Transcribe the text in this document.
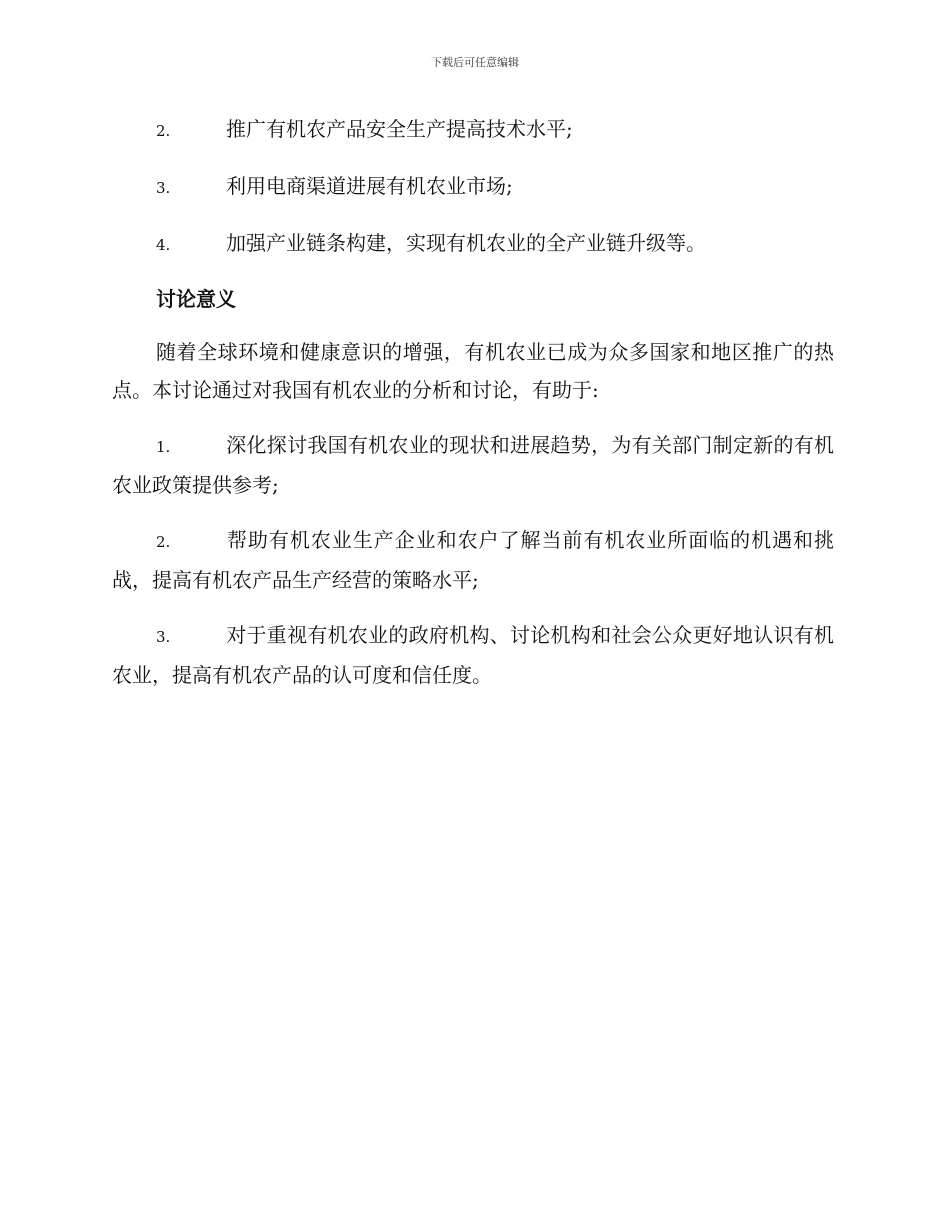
下载后可任意编辑

2.	推广有机农产品安全生产提高技术水平;

3.	利用电商渠道进展有机农业市场;

4.	加强产业链条构建，实现有机农业的全产业链升级等。

讨论意义

随着全球环境和健康意识的增强，有机农业已成为众多国家和地区推广的热点。本讨论通过对我国有机农业的分析和讨论，有助于:

1.	深化探讨我国有机农业的现状和进展趋势，为有关部门制定新的有机农业政策提供参考;

2.	帮助有机农业生产企业和农户了解当前有机农业所面临的机遇和挑战，提高有机农产品生产经营的策略水平;

3.	对于重视有机农业的政府机构、讨论机构和社会公众更好地认识有机农业，提高有机农产品的认可度和信任度。
